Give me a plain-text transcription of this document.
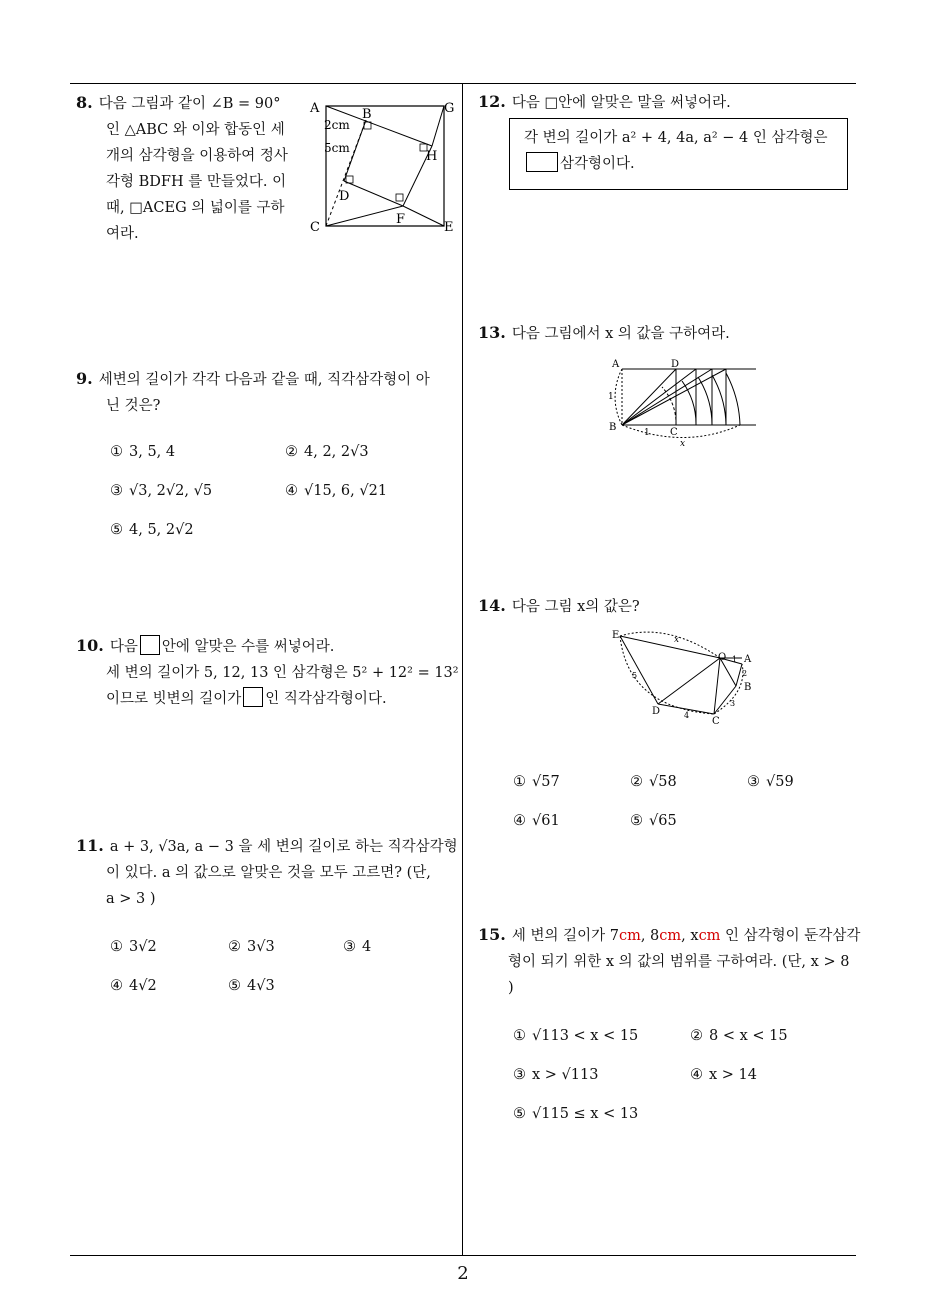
8. 다음 그림과 같이 ∠B = 90°
인 △ABC 와 이와 합동인 세
개의 삼각형을 이용하여 정사
각형 BDFH 를 만들었다. 이
때, □ACEG 의 넓이를 구하
여라.
A	B	G
H
C
D
F
E
2cm
5cm
9. 세변의 길이가 각각 다음과 같을 때, 직각삼각형이 아
닌 것은?
① 3, 5, 4	② 4, 2, 2√3
③ √3, 2√2, √5	④ √15, 6, √21
⑤ 4, 5, 2√2
10. 다음 안에 알맞은 수를 써넣어라.
세 변의 길이가 5, 12, 13 인 삼각형은 5² + 12² = 13²
이므로 빗변의 길이가 인 직각삼각형이다.
11. a + 3, √3a, a − 3 을 세 변의 길이로 하는 직각삼각형
이 있다. a 의 값으로 알맞은 것을 모두 고르면? (단,
a > 3 )
① 3√2	② 3√3	③ 4
④ 4√2	⑤ 4√3
12. 다음 □안에 알맞은 말을 써넣어라.
각 변의 길이가 a² + 4, 4a, a² − 4 인 삼각형은
삼각형이다.
13. 다음 그림에서 x 의 값을 구하여라.
A	D
B	C
1
1
x
14. 다음 그림 x의 값은?
E
O A
B
C
D
x
1
2
3
4
5
① √57	② √58	③ √59
④ √61	⑤ √65
15. 세 변의 길이가 7cm, 8cm, xcm 인 삼각형이 둔각삼각
형이 되기 위한 x 의 값의 범위를 구하여라. (단, x > 8
)
① √113 < x < 15	② 8 < x < 15
③ x > √113	④ x > 14
⑤ √115 ≤ x < 13
2
